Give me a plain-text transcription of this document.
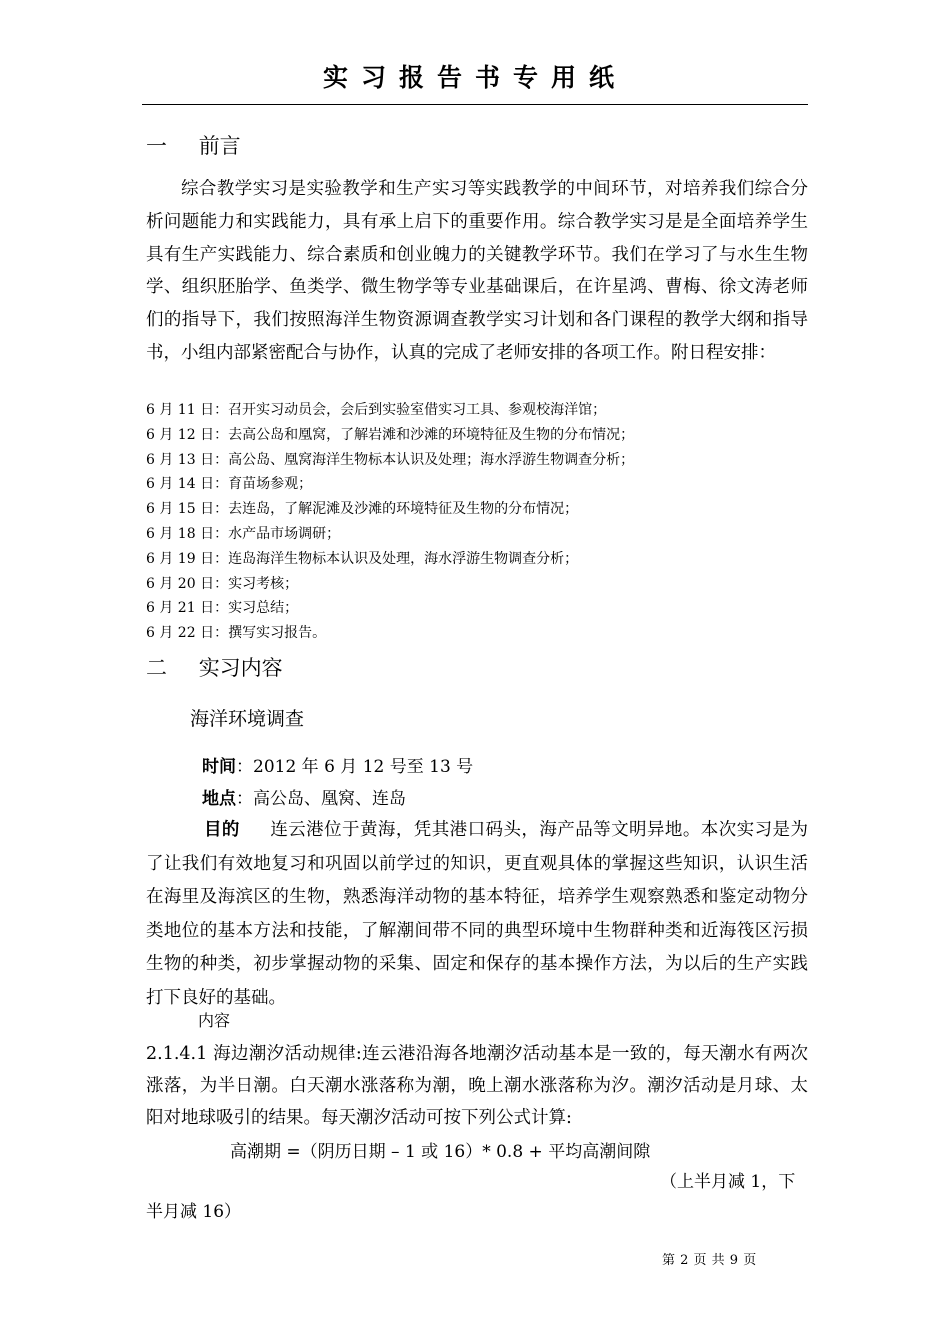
实习报告书专用纸
一 前言

综合教学实习是实验教学和生产实习等实践教学的中间环节，对培养我们综合分析问题能力和实践能力，具有承上启下的重要作用。综合教学实习是是全面培养学生具有生产实践能力、综合素质和创业魄力的关键教学环节。我们在学习了与水生生物学、组织胚胎学、鱼类学、微生物学等专业基础课后，在许星鸿、曹梅、徐文涛老师们的指导下，我们按照海洋生物资源调查教学实习计划和各门课程的教学大纲和指导书，小组内部紧密配合与协作，认真的完成了老师安排的各项工作。附日程安排：

6 月 11 日：召开实习动员会，会后到实验室借实习工具、参观校海洋馆；
6 月 12 日：去高公岛和凰窝，了解岩滩和沙滩的环境特征及生物的分布情况；
6 月 13 日：高公岛、凰窝海洋生物标本认识及处理；海水浮游生物调查分析；
6 月 14 日：育苗场参观；
6 月 15 日：去连岛，了解泥滩及沙滩的环境特征及生物的分布情况；
6 月 18 日：水产品市场调研；
6 月 19 日：连岛海洋生物标本认识及处理，海水浮游生物调查分析；
6 月 20 日：实习考核；
6 月 21 日：实习总结；
6 月 22 日：撰写实习报告。
二 实习内容
海洋环境调查
时间：2012 年 6 月 12 号至 13 号
地点：高公岛、凰窝、连岛

目的 连云港位于黄海，凭其港口码头，海产品等文明异地。本次实习是为了让我们有效地复习和巩固以前学过的知识，更直观具体的掌握这些知识，认识生活在海里及海滨区的生物，熟悉海洋动物的基本特征，培养学生观察熟悉和鉴定动物分类地位的基本方法和技能，了解潮间带不同的典型环境中生物群种类和近海筏区污损生物的种类，初步掌握动物的采集、固定和保存的基本操作方法，为以后的生产实践打下良好的基础。

内容

2.1.4.1 海边潮汐活动规律:连云港沿海各地潮汐活动基本是一致的，每天潮水有两次涨落，为半日潮。白天潮水涨落称为潮，晚上潮水涨落称为汐。潮汐活动是月球、太阳对地球吸引的结果。每天潮汐活动可按下列公式计算:

高潮期 =（阴历日期 – 1 或 16）* 0.8 + 平均高潮间隙
（上半月减 1，下
半月减 16）
第 2 页 共 9 页
